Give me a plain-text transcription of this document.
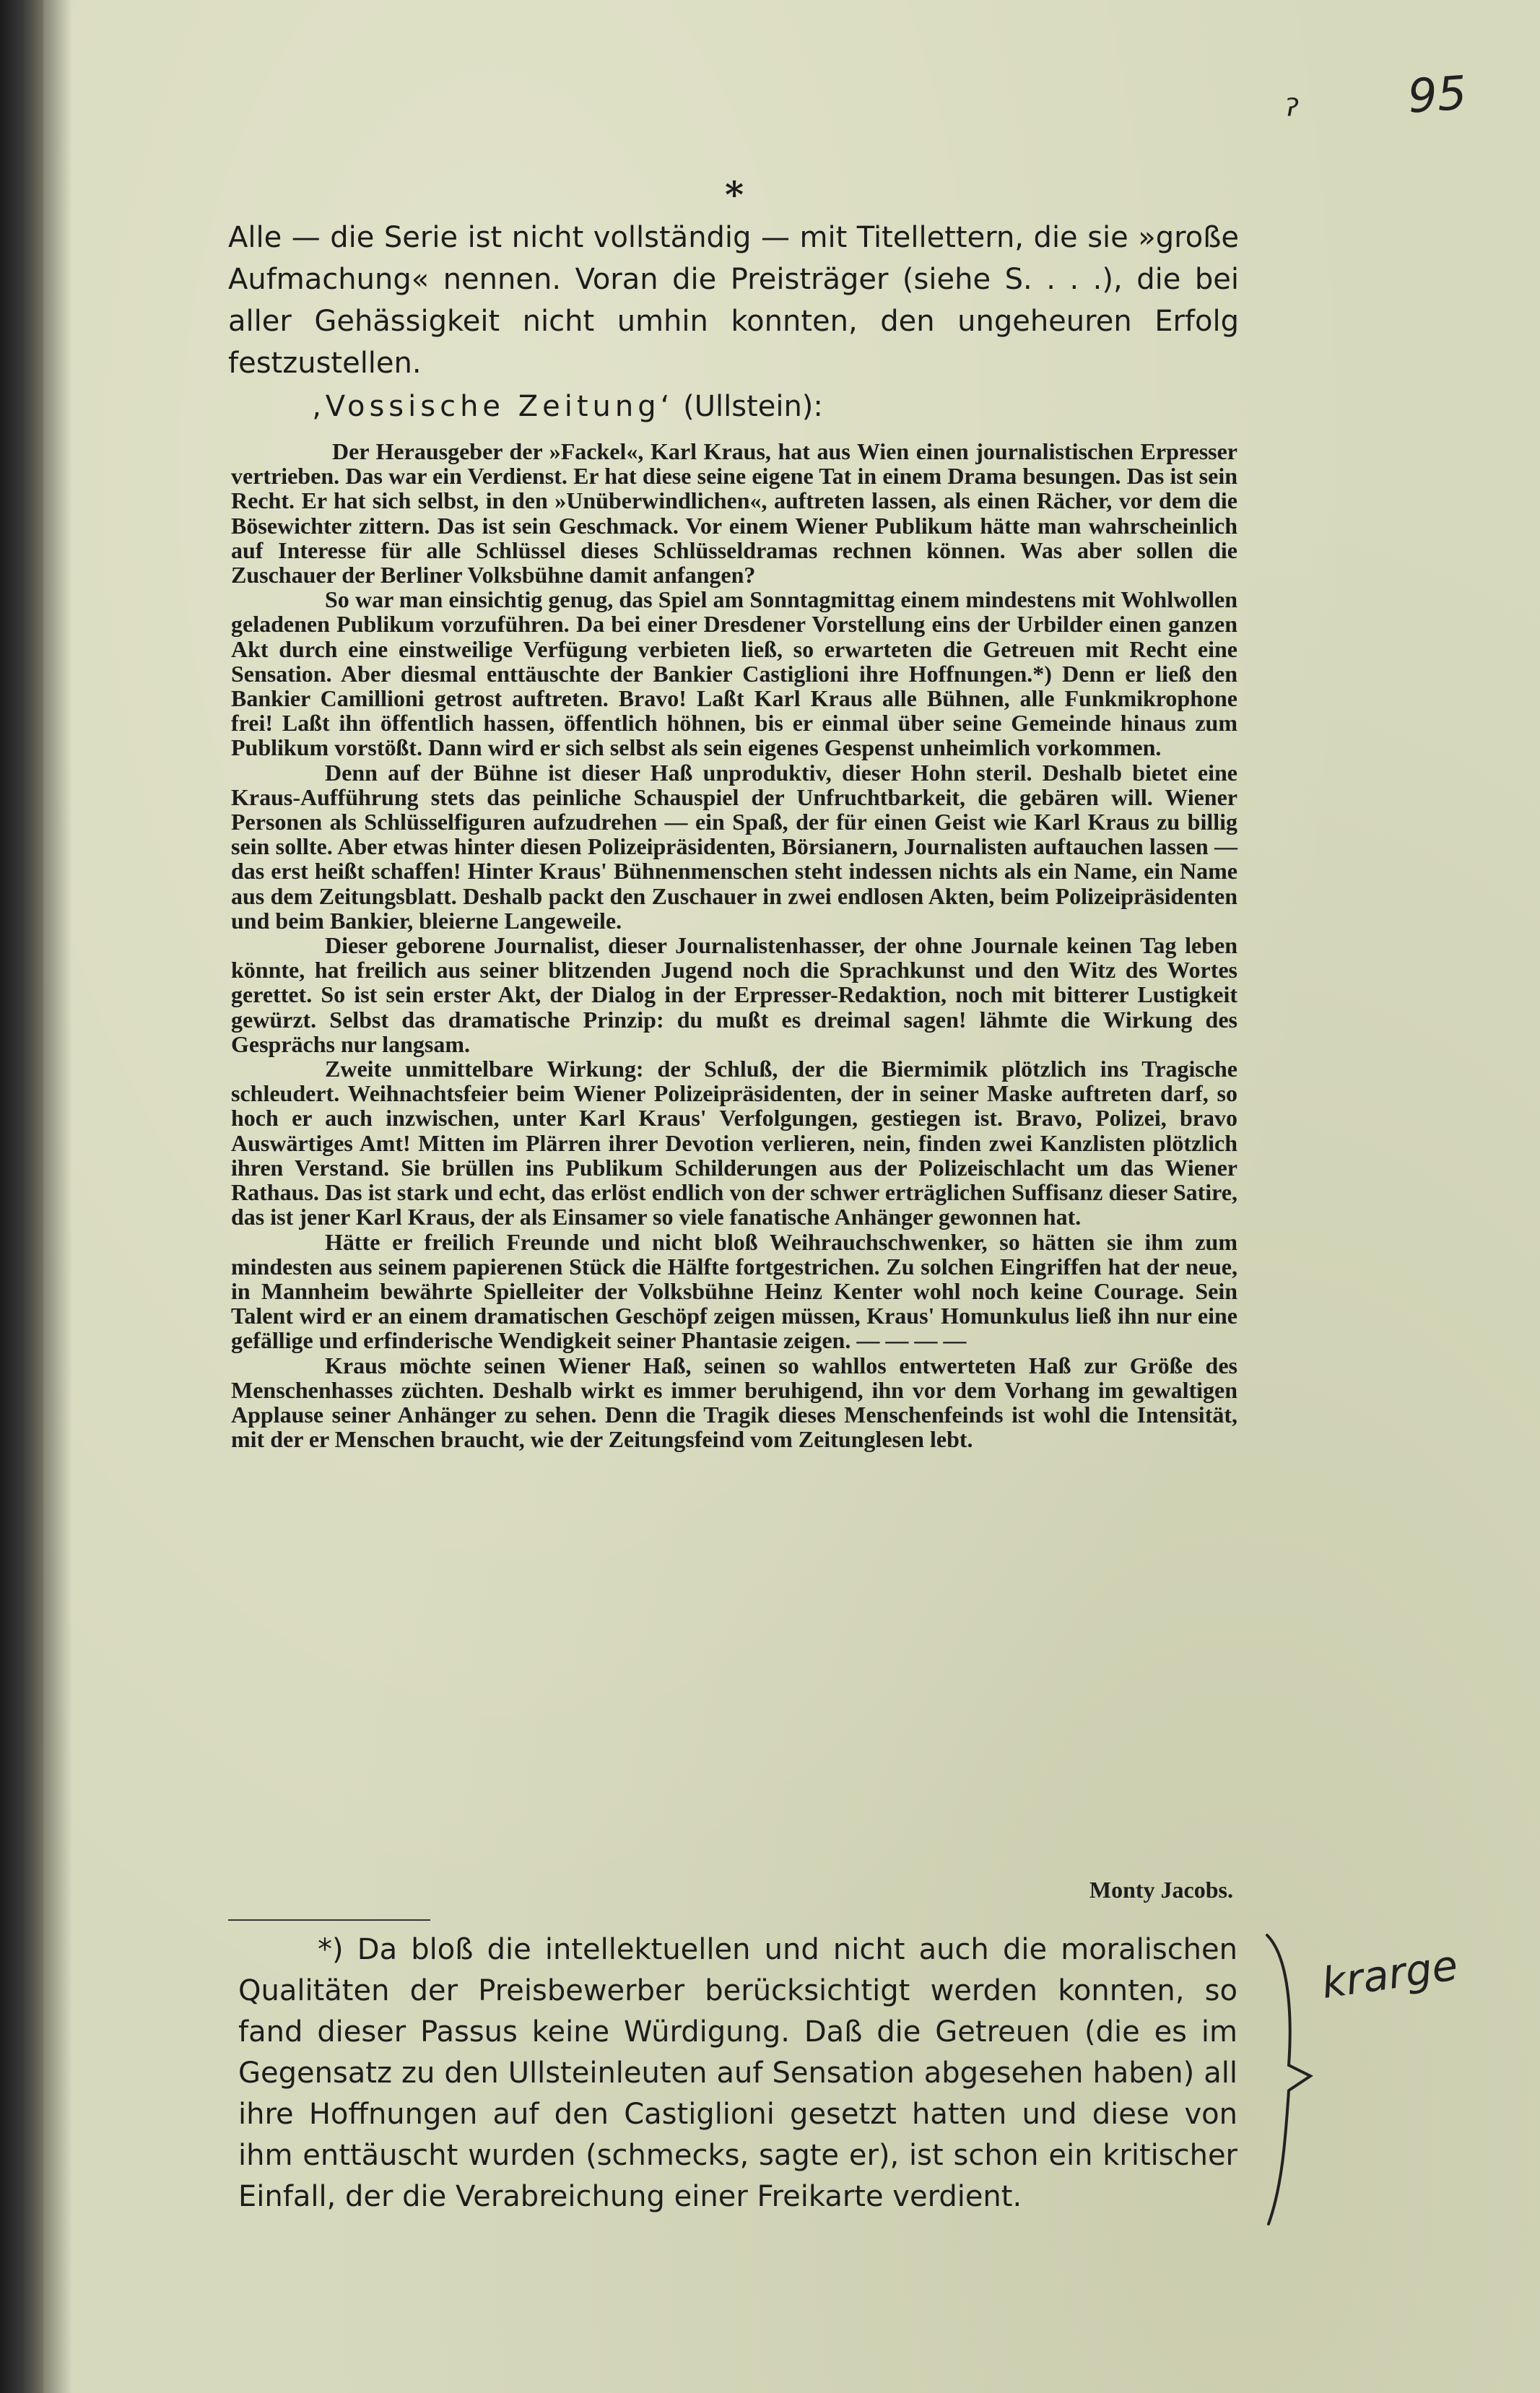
ˀ 95
*

Alle — die Serie ist nicht vollständig — mit Titellettern, die sie »große Aufmachung« nennen. Voran die Preisträger (siehe S. . . .), die bei aller Gehässigkeit nicht umhin konnten, den ungeheuren Erfolg festzustellen.

‚Vossische Zeitung‘ (Ullstein):

Der Herausgeber der »Fackel«, Karl Kraus, hat aus Wien einen journalistischen Erpresser vertrieben. Das war ein Verdienst. Er hat diese seine eigene Tat in einem Drama besungen. Das ist sein Recht. Er hat sich selbst, in den »Unüberwindlichen«, auftreten lassen, als einen Rächer, vor dem die Bösewichter zittern. Das ist sein Geschmack. Vor einem Wiener Publikum hätte man wahrscheinlich auf Interesse für alle Schlüssel dieses Schlüsseldramas rechnen können. Was aber sollen die Zuschauer der Berliner Volksbühne damit anfangen?

So war man einsichtig genug, das Spiel am Sonntagmittag einem mindestens mit Wohlwollen geladenen Publikum vorzuführen. Da bei einer Dresdener Vorstellung eins der Urbilder einen ganzen Akt durch eine einstweilige Verfügung verbieten ließ, so erwarteten die Getreuen mit Recht eine Sensation. Aber diesmal enttäuschte der Bankier Castiglioni ihre Hoffnungen.*) Denn er ließ den Bankier Camillioni getrost auftreten. Bravo! Laßt Karl Kraus alle Bühnen, alle Funkmikrophone frei! Laßt ihn öffentlich hassen, öffentlich höhnen, bis er einmal über seine Gemeinde hinaus zum Publikum vorstößt. Dann wird er sich selbst als sein eigenes Gespenst unheimlich vorkommen.

Denn auf der Bühne ist dieser Haß unproduktiv, dieser Hohn steril. Deshalb bietet eine Kraus-Aufführung stets das peinliche Schauspiel der Unfruchtbarkeit, die gebären will. Wiener Personen als Schlüsselfiguren aufzudrehen — ein Spaß, der für einen Geist wie Karl Kraus zu billig sein sollte. Aber etwas hinter diesen Polizeipräsidenten, Börsianern, Journalisten auftauchen lassen — das erst heißt schaffen! Hinter Kraus' Bühnenmenschen steht indessen nichts als ein Name, ein Name aus dem Zeitungsblatt. Deshalb packt den Zuschauer in zwei endlosen Akten, beim Polizeipräsidenten und beim Bankier, bleierne Langeweile.

Dieser geborene Journalist, dieser Journalistenhasser, der ohne Journale keinen Tag leben könnte, hat freilich aus seiner blitzenden Jugend noch die Sprachkunst und den Witz des Wortes gerettet. So ist sein erster Akt, der Dialog in der Erpresser-Redaktion, noch mit bitterer Lustigkeit gewürzt. Selbst das dramatische Prinzip: du mußt es dreimal sagen! lähmte die Wirkung des Gesprächs nur langsam.

Zweite unmittelbare Wirkung: der Schluß, der die Biermimik plötzlich ins Tragische schleudert. Weihnachtsfeier beim Wiener Polizeipräsidenten, der in seiner Maske auftreten darf, so hoch er auch inzwischen, unter Karl Kraus' Verfolgungen, gestiegen ist. Bravo, Polizei, bravo Auswärtiges Amt! Mitten im Plärren ihrer Devotion verlieren, nein, finden zwei Kanzlisten plötzlich ihren Verstand. Sie brüllen ins Publikum Schilderungen aus der Polizeischlacht um das Wiener Rathaus. Das ist stark und echt, das erlöst endlich von der schwer erträglichen Suffisanz dieser Satire, das ist jener Karl Kraus, der als Einsamer so viele fanatische Anhänger gewonnen hat.

Hätte er freilich Freunde und nicht bloß Weihrauchschwenker, so hätten sie ihm zum mindesten aus seinem papierenen Stück die Hälfte fortgestrichen. Zu solchen Eingriffen hat der neue, in Mannheim bewährte Spielleiter der Volksbühne Heinz Kenter wohl noch keine Courage. Sein Talent wird er an einem dramatischen Geschöpf zeigen müssen, Kraus' Homunkulus ließ ihn nur eine gefällige und erfinderische Wendigkeit seiner Phantasie zeigen. — — — —

Kraus möchte seinen Wiener Haß, seinen so wahllos entwerteten Haß zur Größe des Menschenhasses züchten. Deshalb wirkt es immer beruhigend, ihn vor dem Vorhang im gewaltigen Applause seiner Anhänger zu sehen. Denn die Tragik dieses Menschenfeinds ist wohl die Intensität, mit der er Menschen braucht, wie der Zeitungsfeind vom Zeitunglesen lebt.

Monty Jacobs.

*) Da bloß die intellektuellen und nicht auch die moralischen Qualitäten der Preisbewerber berücksichtigt werden konnten, so fand dieser Passus keine Würdigung. Daß die Getreuen (die es im Gegensatz zu den Ullsteinleuten auf Sensation abgesehen haben) all ihre Hoffnungen auf den Castiglioni gesetzt hatten und diese von ihm enttäuscht wurden (schmecks, sagte er), ist schon ein kritischer Einfall, der die Verabreichung einer Freikarte verdient.

krarge
